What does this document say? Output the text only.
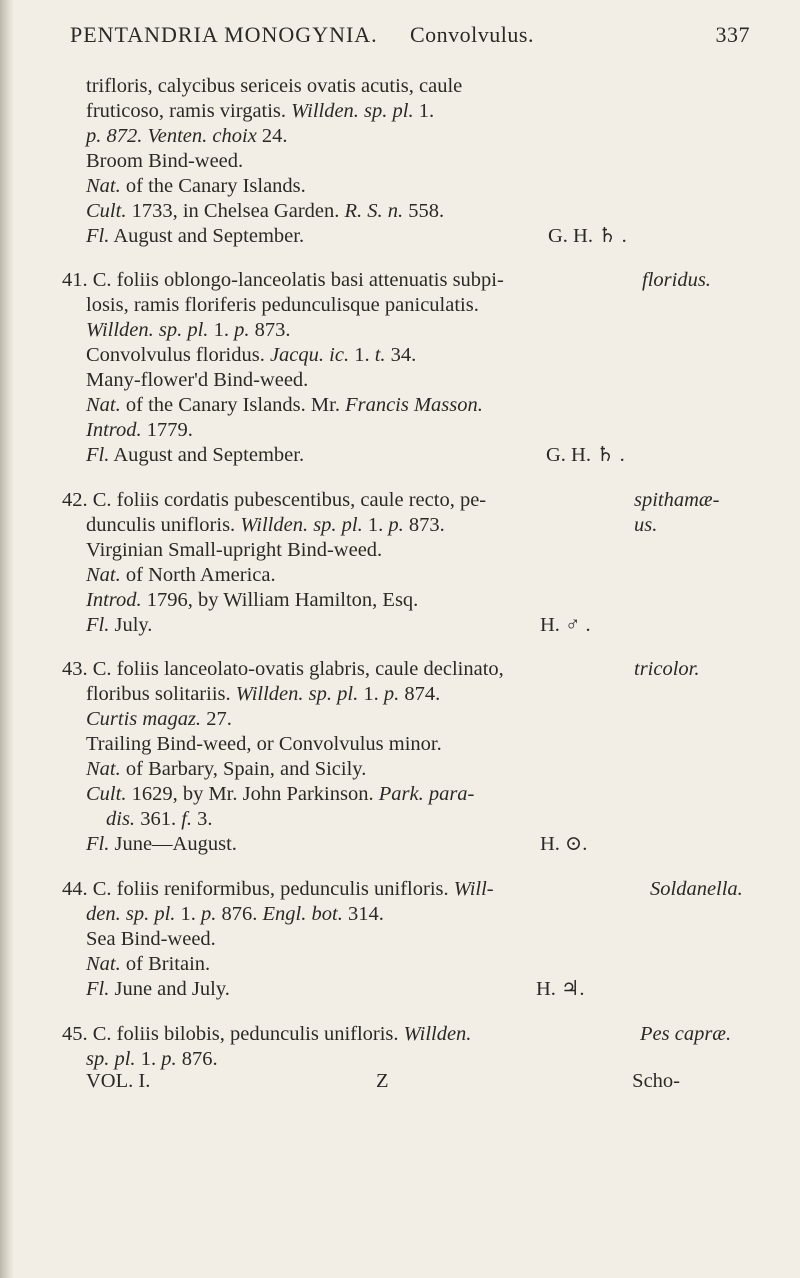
PENTANDRIA MONOGYNIA. Convolvulus.	337
trifloris, calycibus sericeis ovatis acutis, caule
fruticoso, ramis virgatis. Willden. sp. pl. 1.
p. 872. Venten. choix 24.
Broom Bind-weed.
Nat. of the Canary Islands.
Cult. 1733, in Chelsea Garden. R. S. n. 558.
Fl. August and September.	G. H. ♄ .
41. C. foliis oblongo-lanceolatis basi attenuatis subpi-	floridus.
losis, ramis floriferis pedunculisque paniculatis.
Willden. sp. pl. 1. p. 873.
Convolvulus floridus. Jacqu. ic. 1. t. 34.
Many-flower'd Bind-weed.
Nat. of the Canary Islands. Mr. Francis Masson.
Introd. 1779.
Fl. August and September.	G. H. ♄ .
42. C. foliis cordatis pubescentibus, caule recto, pe-	spithamæ-
dunculis unifloris. Willden. sp. pl. 1. p. 873.	us.
Virginian Small-upright Bind-weed.
Nat. of North America.
Introd. 1796, by William Hamilton, Esq.
Fl. July.	H. ♂ .
43. C. foliis lanceolato-ovatis glabris, caule declinato,	tricolor.
floribus solitariis. Willden. sp. pl. 1. p. 874.
Curtis magaz. 27.
Trailing Bind-weed, or Convolvulus minor.
Nat. of Barbary, Spain, and Sicily.
Cult. 1629, by Mr. John Parkinson. Park. para-
dis. 361. f. 3.
Fl. June—August.	H. ⊙.
44. C. foliis reniformibus, pedunculis unifloris. Will-	Soldanella.
den. sp. pl. 1. p. 876. Engl. bot. 314.
Sea Bind-weed.
Nat. of Britain.
Fl. June and July.	H. ♃.
45. C. foliis bilobis, pedunculis unifloris. Willden.	Pes capræ.
sp. pl. 1. p. 876.
VOL. I.	Z	Scho-
